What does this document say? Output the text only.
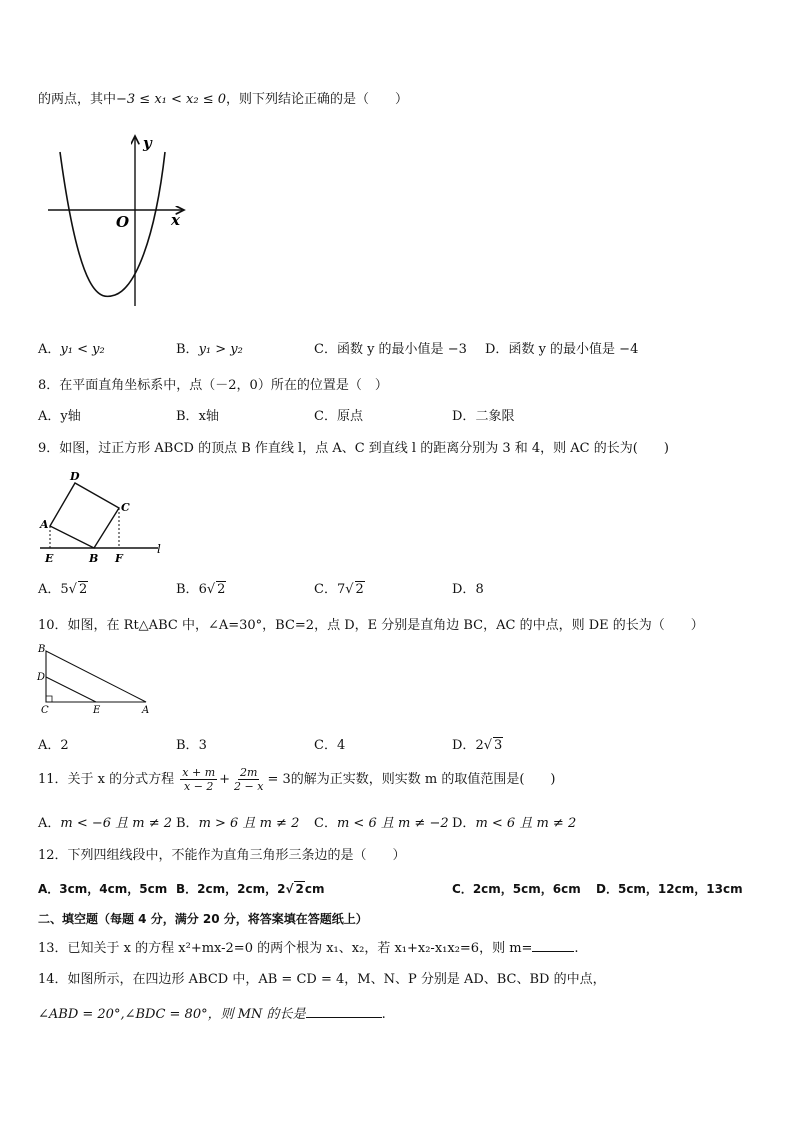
的两点，其中−3 ≤ x₁ < x₂ ≤ 0，则下列结论正确的是（　　）
y
x
O
A．y₁ < y₂	B．y₁ > y₂	C．函数 y 的最小值是 −3 D．函数 y 的最小值是 −4
8．在平面直角坐标系中，点（－2，0）所在的位置是（　）
A．y轴	B．x轴	C．原点	D．二象限
9．如图，过正方形 ABCD 的顶点 B 作直线 l，点 A、C 到直线 l 的距离分别为 3 和 4，则 AC 的长为(　　)
D
C
A
E	B F
l
A．5√ 2	B．6√ 2	C．7√ 2	D．8
10．如图，在 Rt△ABC 中，∠A=30°，BC=2，点 D，E 分别是直角边 BC，AC 的中点，则 DE 的长为（　　）
B
D
C	E	A
A．2	B．3	C．4	D．2√ 3
11．关于 x 的分式方程 $\frac{x + m}{x - 2} + \frac{2m}{2 - x} = 3$的解为正实数，则实数 m 的取值范围是(　　)
A．m < −6 且 m ≠ 2 B．m > 6 且 m ≠ 2 C．m < 6 且 m ≠ −2 D．m < 6 且 m ≠ 2
12．下列四组线段中，不能作为直角三角形三条边的是（　　）
A．3cm，4cm，5cm B．2cm，2cm，2√ 2cm	C．2cm，5cm，6cm D．5cm，12cm，13cm
二、填空题（每题 4 分，满分 20 分，将答案填在答题纸上）
13．已知关于 x 的方程 x²+mx-2=0 的两个根为 x₁、x₂，若 x₁+x₂-x₁x₂=6，则 m=	.
14．如图所示，在四边形 ABCD 中，AB = CD = 4，M、N、P 分别是 AD、BC、BD 的中点，
∠ABD = 20°,∠BDC = 80°，则 MN 的长是	.
